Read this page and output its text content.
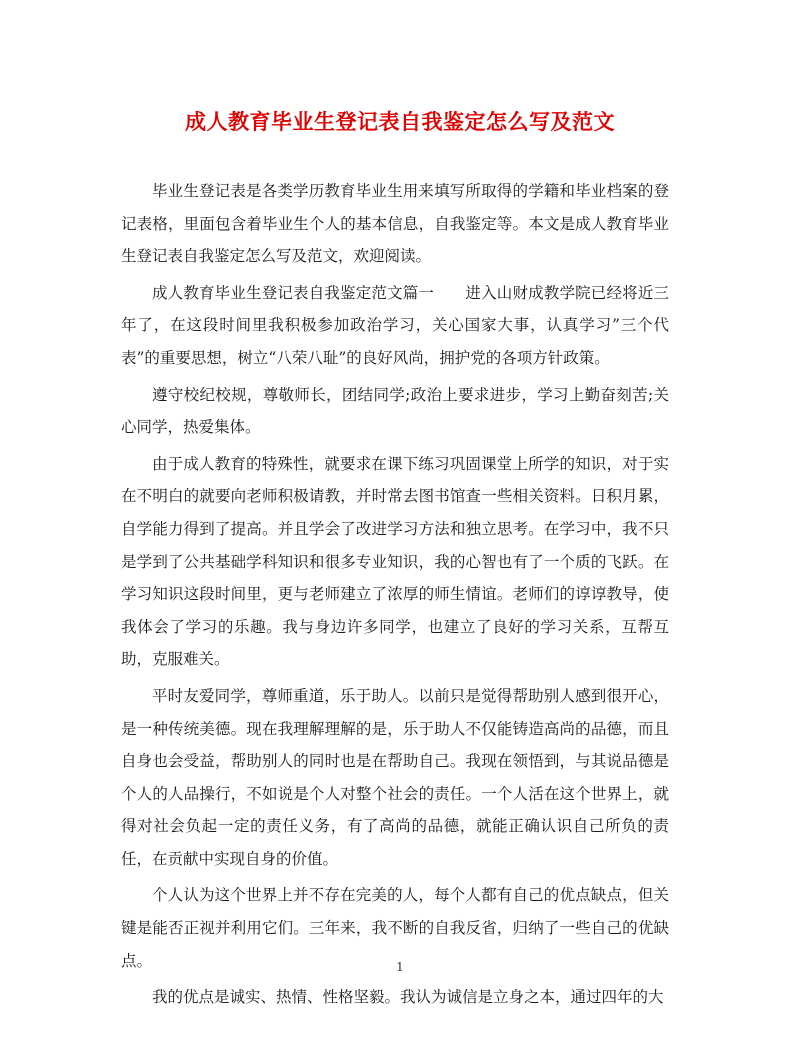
成人教育毕业生登记表自我鉴定怎么写及范文

毕业生登记表是各类学历教育毕业生用来填写所取得的学籍和毕业档案的登记表格，里面包含着毕业生个人的基本信息，自我鉴定等。本文是成人教育毕业生登记表自我鉴定怎么写及范文，欢迎阅读。

成人教育毕业生登记表自我鉴定范文篇一　　进入山财成教学院已经将近三年了，在这段时间里我积极参加政治学习，关心国家大事，认真学习”三个代表”的重要思想，树立“八荣八耻”的良好风尚，拥护党的各项方针政策。

遵守校纪校规，尊敬师长，团结同学;政治上要求进步，学习上勤奋刻苦;关心同学，热爱集体。

由于成人教育的特殊性，就要求在课下练习巩固课堂上所学的知识，对于实在不明白的就要向老师积极请教，并时常去图书馆查一些相关资料。日积月累，自学能力得到了提高。并且学会了改进学习方法和独立思考。在学习中，我不只是学到了公共基础学科知识和很多专业知识，我的心智也有了一个质的飞跃。在学习知识这段时间里，更与老师建立了浓厚的师生情谊。老师们的谆谆教导，使我体会了学习的乐趣。我与身边许多同学，也建立了良好的学习关系，互帮互助，克服难关。

平时友爱同学，尊师重道，乐于助人。以前只是觉得帮助别人感到很开心，是一种传统美德。现在我理解理解的是，乐于助人不仅能铸造高尚的品德，而且自身也会受益，帮助别人的同时也是在帮助自己。我现在领悟到，与其说品德是个人的人品操行，不如说是个人对整个社会的责任。一个人活在这个世界上，就得对社会负起一定的责任义务，有了高尚的品德，就能正确认识自己所负的责任，在贡献中实现自身的价值。

个人认为这个世界上并不存在完美的人，每个人都有自己的优点缺点，但关键是能否正视并利用它们。三年来，我不断的自我反省，归纳了一些自己的优缺点。

我的优点是诚实、热情、性格坚毅。我认为诚信是立身之本，通过四年的大

1
